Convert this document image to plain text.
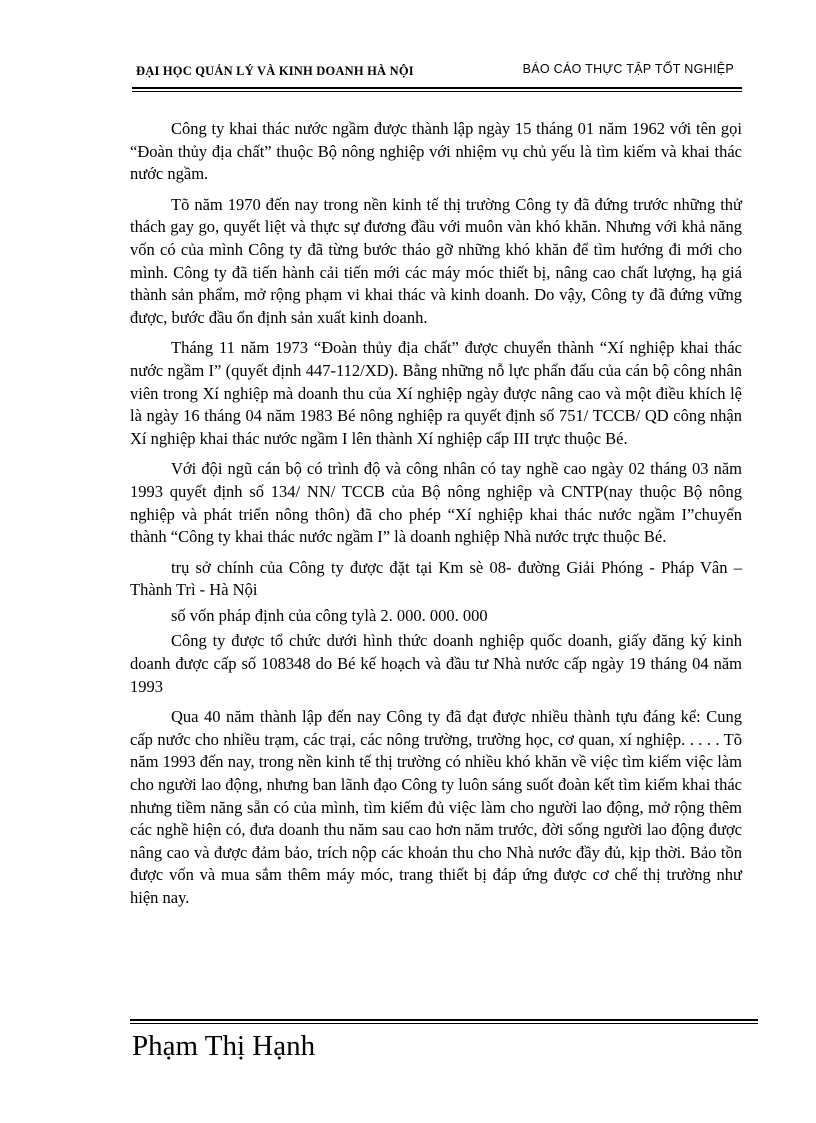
ĐẠI HỌC QUẢN LÝ VÀ KINH DOANH HÀ NỘI	BÁO CÁO THỰC TẬP TỐT NGHIỆP

Công ty khai thác nước ngầm được thành lập ngày 15 tháng 01 năm 1962 với tên gọi “Đoàn thủy địa chất” thuộc Bộ nông nghiệp với nhiệm vụ chủ yếu là tìm kiếm và khai thác nước ngầm.

Tõ năm 1970 đến nay trong nền kinh tế thị trường Công ty đã đứng trước những thử thách gay go, quyết liệt và thực sự đương đầu với muôn vàn khó khăn. Nhưng với khả năng vốn có của mình Công ty đã từng bước tháo gỡ những khó khăn để tìm hướng đi mới cho mình. Công ty đã tiến hành cải tiến mới các máy móc thiết bị, nâng cao chất lượng, hạ giá thành sản phẩm, mở rộng phạm vi khai thác và kinh doanh. Do vậy, Công ty đã đứng vững được, bước đầu ổn định sản xuất kinh doanh.

Tháng 11 năm 1973 “Đoàn thủy địa chất” được chuyển thành “Xí nghiệp khai thác nước ngầm I” (quyết định 447-112/XD). Bằng những nỗ lực phấn đấu của cán bộ công nhân viên trong Xí nghiệp mà doanh thu của Xí nghiệp ngày được nâng cao và một điều khích lệ là ngày 16 tháng 04 năm 1983 Bé nông nghiệp ra quyết định số 751/ TCCB/ QD công nhận Xí nghiệp khai thác nước ngầm I lên thành Xí nghiệp cấp III trực thuộc Bé.

Với đội ngũ cán bộ có trình độ và công nhân có tay nghề cao ngày 02 tháng 03 năm 1993 quyết định số 134/ NN/ TCCB của Bộ nông nghiệp và CNTP(nay thuộc Bộ nông nghiệp và phát triển nông thôn) đã cho phép “Xí nghiệp khai thác nước ngầm I”chuyển thành “Công ty khai thác nước ngầm I” là doanh nghiệp Nhà nước trực thuộc Bé.

trụ sở chính của Công ty được đặt tại Km sè 08- đường Giải Phóng - Pháp Vân –Thành Trì - Hà Nội

số vốn pháp định của công tylà 2. 000. 000. 000

Công ty được tổ chức dưới hình thức doanh nghiệp quốc doanh, giấy đăng ký kinh doanh được cấp số 108348 do Bé kế hoạch và đầu tư Nhà nước cấp ngày 19 tháng 04 năm 1993

Qua 40 năm thành lập đến nay Công ty đã đạt được nhiều thành tựu đáng kể: Cung cấp nước cho nhiều trạm, các trại, các nông trường, trường học, cơ quan, xí nghiệp. . . . . Tõ năm 1993 đến nay, trong nền kinh tế thị trường có nhiều khó khăn về việc tìm kiếm việc làm cho người lao động, nhưng ban lãnh đạo Công ty luôn sáng suốt đoàn kết tìm kiếm khai thác nhưng tiềm năng sẵn có của mình, tìm kiếm đủ việc làm cho người lao động, mở rộng thêm các nghề hiện có, đưa doanh thu năm sau cao hơn năm trước, đời sống người lao động được nâng cao và được đảm bảo, trích nộp các khoản thu cho Nhà nước đầy đủ, kịp thời. Bảo tồn được vốn và mua sắm thêm máy móc, trang thiết bị đáp ứng được cơ chế thị trường như hiện nay.

Phạm Thị Hạnh
